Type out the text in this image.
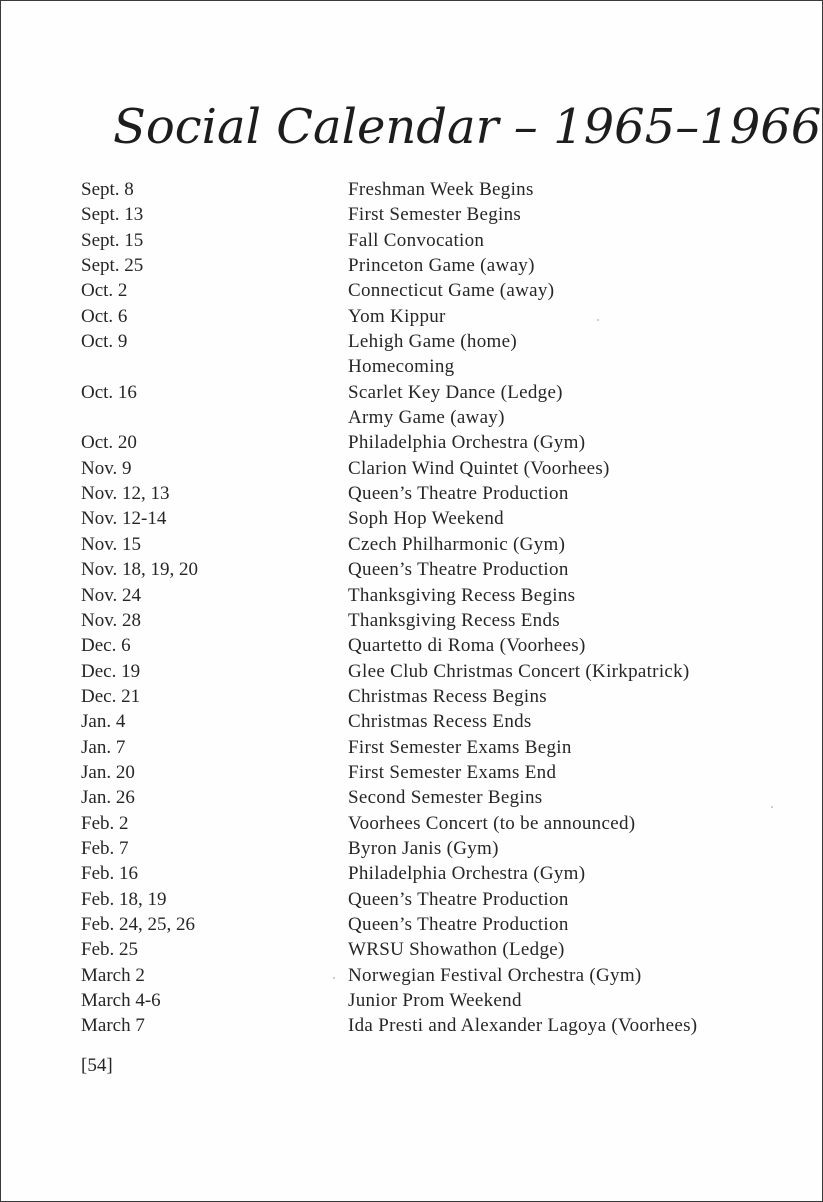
Social Calendar – 1965–1966
Sept. 8	Freshman Week Begins
Sept. 13	First Semester Begins
Sept. 15	Fall Convocation
Sept. 25	Princeton Game (away)
Oct. 2	Connecticut Game (away)
Oct. 6	Yom Kippur
Oct. 9	Lehigh Game (home)
Homecoming
Oct. 16	Scarlet Key Dance (Ledge)
Army Game (away)
Oct. 20	Philadelphia Orchestra (Gym)
Nov. 9	Clarion Wind Quintet (Voorhees)
Nov. 12, 13	Queen’s Theatre Production
Nov. 12-14	Soph Hop Weekend
Nov. 15	Czech Philharmonic (Gym)
Nov. 18, 19, 20	Queen’s Theatre Production
Nov. 24	Thanksgiving Recess Begins
Nov. 28	Thanksgiving Recess Ends
Dec. 6	Quartetto di Roma (Voorhees)
Dec. 19	Glee Club Christmas Concert (Kirkpatrick)
Dec. 21	Christmas Recess Begins
Jan. 4	Christmas Recess Ends
Jan. 7	First Semester Exams Begin
Jan. 20	First Semester Exams End
Jan. 26	Second Semester Begins
Feb. 2	Voorhees Concert (to be announced)
Feb. 7	Byron Janis (Gym)
Feb. 16	Philadelphia Orchestra (Gym)
Feb. 18, 19	Queen’s Theatre Production
Feb. 24, 25, 26	Queen’s Theatre Production
Feb. 25	WRSU Showathon (Ledge)
March 2	Norwegian Festival Orchestra (Gym)
March 4-6	Junior Prom Weekend
March 7	Ida Presti and Alexander Lagoya (Voorhees)
[54]
